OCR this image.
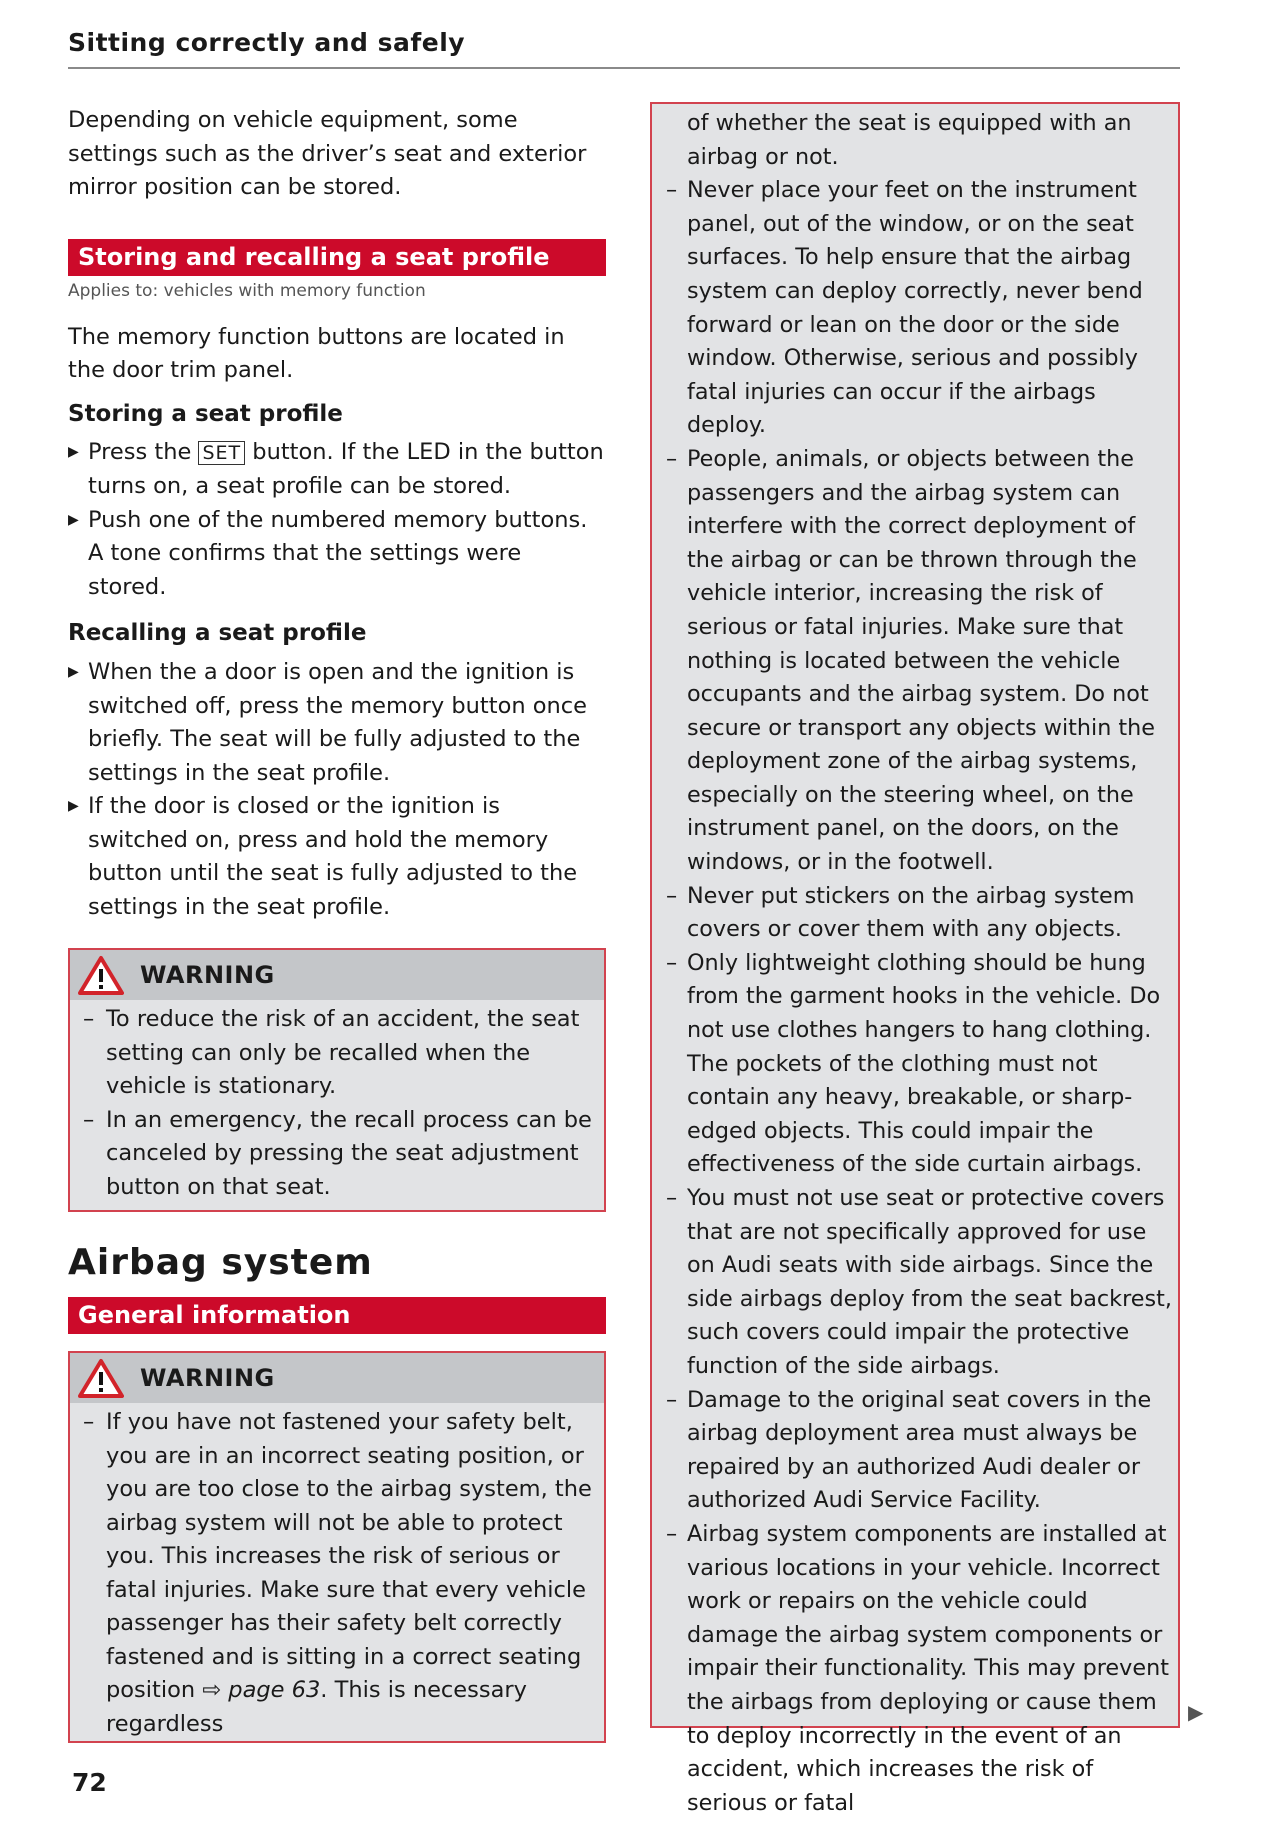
Sitting correctly and safely

Depending on vehicle equipment, some settings such as the driver’s seat and exterior mirror position can be stored.

Storing and recalling a seat profile
Applies to: vehicles with memory function

The memory function buttons are located in the door trim panel.

Storing a seat profile
▶ Press the SET button. If the LED in the button turns on, a seat profile can be stored.
▶ Push one of the numbered memory buttons. A tone confirms that the settings were stored.
Recalling a seat profile
▶ When the a door is open and the ignition is switched off, press the memory button once briefly. The seat will be fully adjusted to the settings in the seat profile.
▶ If the door is closed or the ignition is switched on, press and hold the memory button until the seat is fully adjusted to the settings in the seat profile.
WARNING
– To reduce the risk of an accident, the seat setting can only be recalled when the vehicle is stationary.
– In an emergency, the recall process can be canceled by pressing the seat adjustment button on that seat.
Airbag system
General information
WARNING
– If you have not fastened your safety belt, you are in an incorrect seating position, or you are too close to the airbag system, the airbag system will not be able to protect you. This increases the risk of serious or fatal injuries. Make sure that every vehicle passenger has their safety belt correctly fastened and is sitting in a correct seating position ⇨ page 63. This is necessary regardless
of whether the seat is equipped with an airbag or not.
– Never place your feet on the instrument panel, out of the window, or on the seat surfaces. To help ensure that the airbag system can deploy correctly, never bend forward or lean on the door or the side window. Otherwise, serious and possibly fatal injuries can occur if the airbags deploy.
– People, animals, or objects between the passengers and the airbag system can interfere with the correct deployment of the airbag or can be thrown through the vehicle interior, increasing the risk of serious or fatal injuries. Make sure that nothing is located between the vehicle occupants and the airbag system. Do not secure or transport any objects within the deployment zone of the airbag systems, especially on the steering wheel, on the instrument panel, on the doors, on the windows, or in the footwell.
– Never put stickers on the airbag system covers or cover them with any objects.
– Only lightweight clothing should be hung from the garment hooks in the vehicle. Do not use clothes hangers to hang clothing. The pockets of the clothing must not contain any heavy, breakable, or sharp-edged objects. This could impair the effectiveness of the side curtain airbags.
– You must not use seat or protective covers that are not specifically approved for use on Audi seats with side airbags. Since the side airbags deploy from the seat backrest, such covers could impair the protective function of the side airbags.
– Damage to the original seat covers in the airbag deployment area must always be repaired by an authorized Audi dealer or authorized Audi Service Facility.
– Airbag system components are installed at various locations in your vehicle. Incorrect work or repairs on the vehicle could damage the airbag system components or impair their functionality. This may prevent the airbags from deploying or cause them to deploy incorrectly in the event of an accident, which increases the risk of serious or fatal
▶
72
